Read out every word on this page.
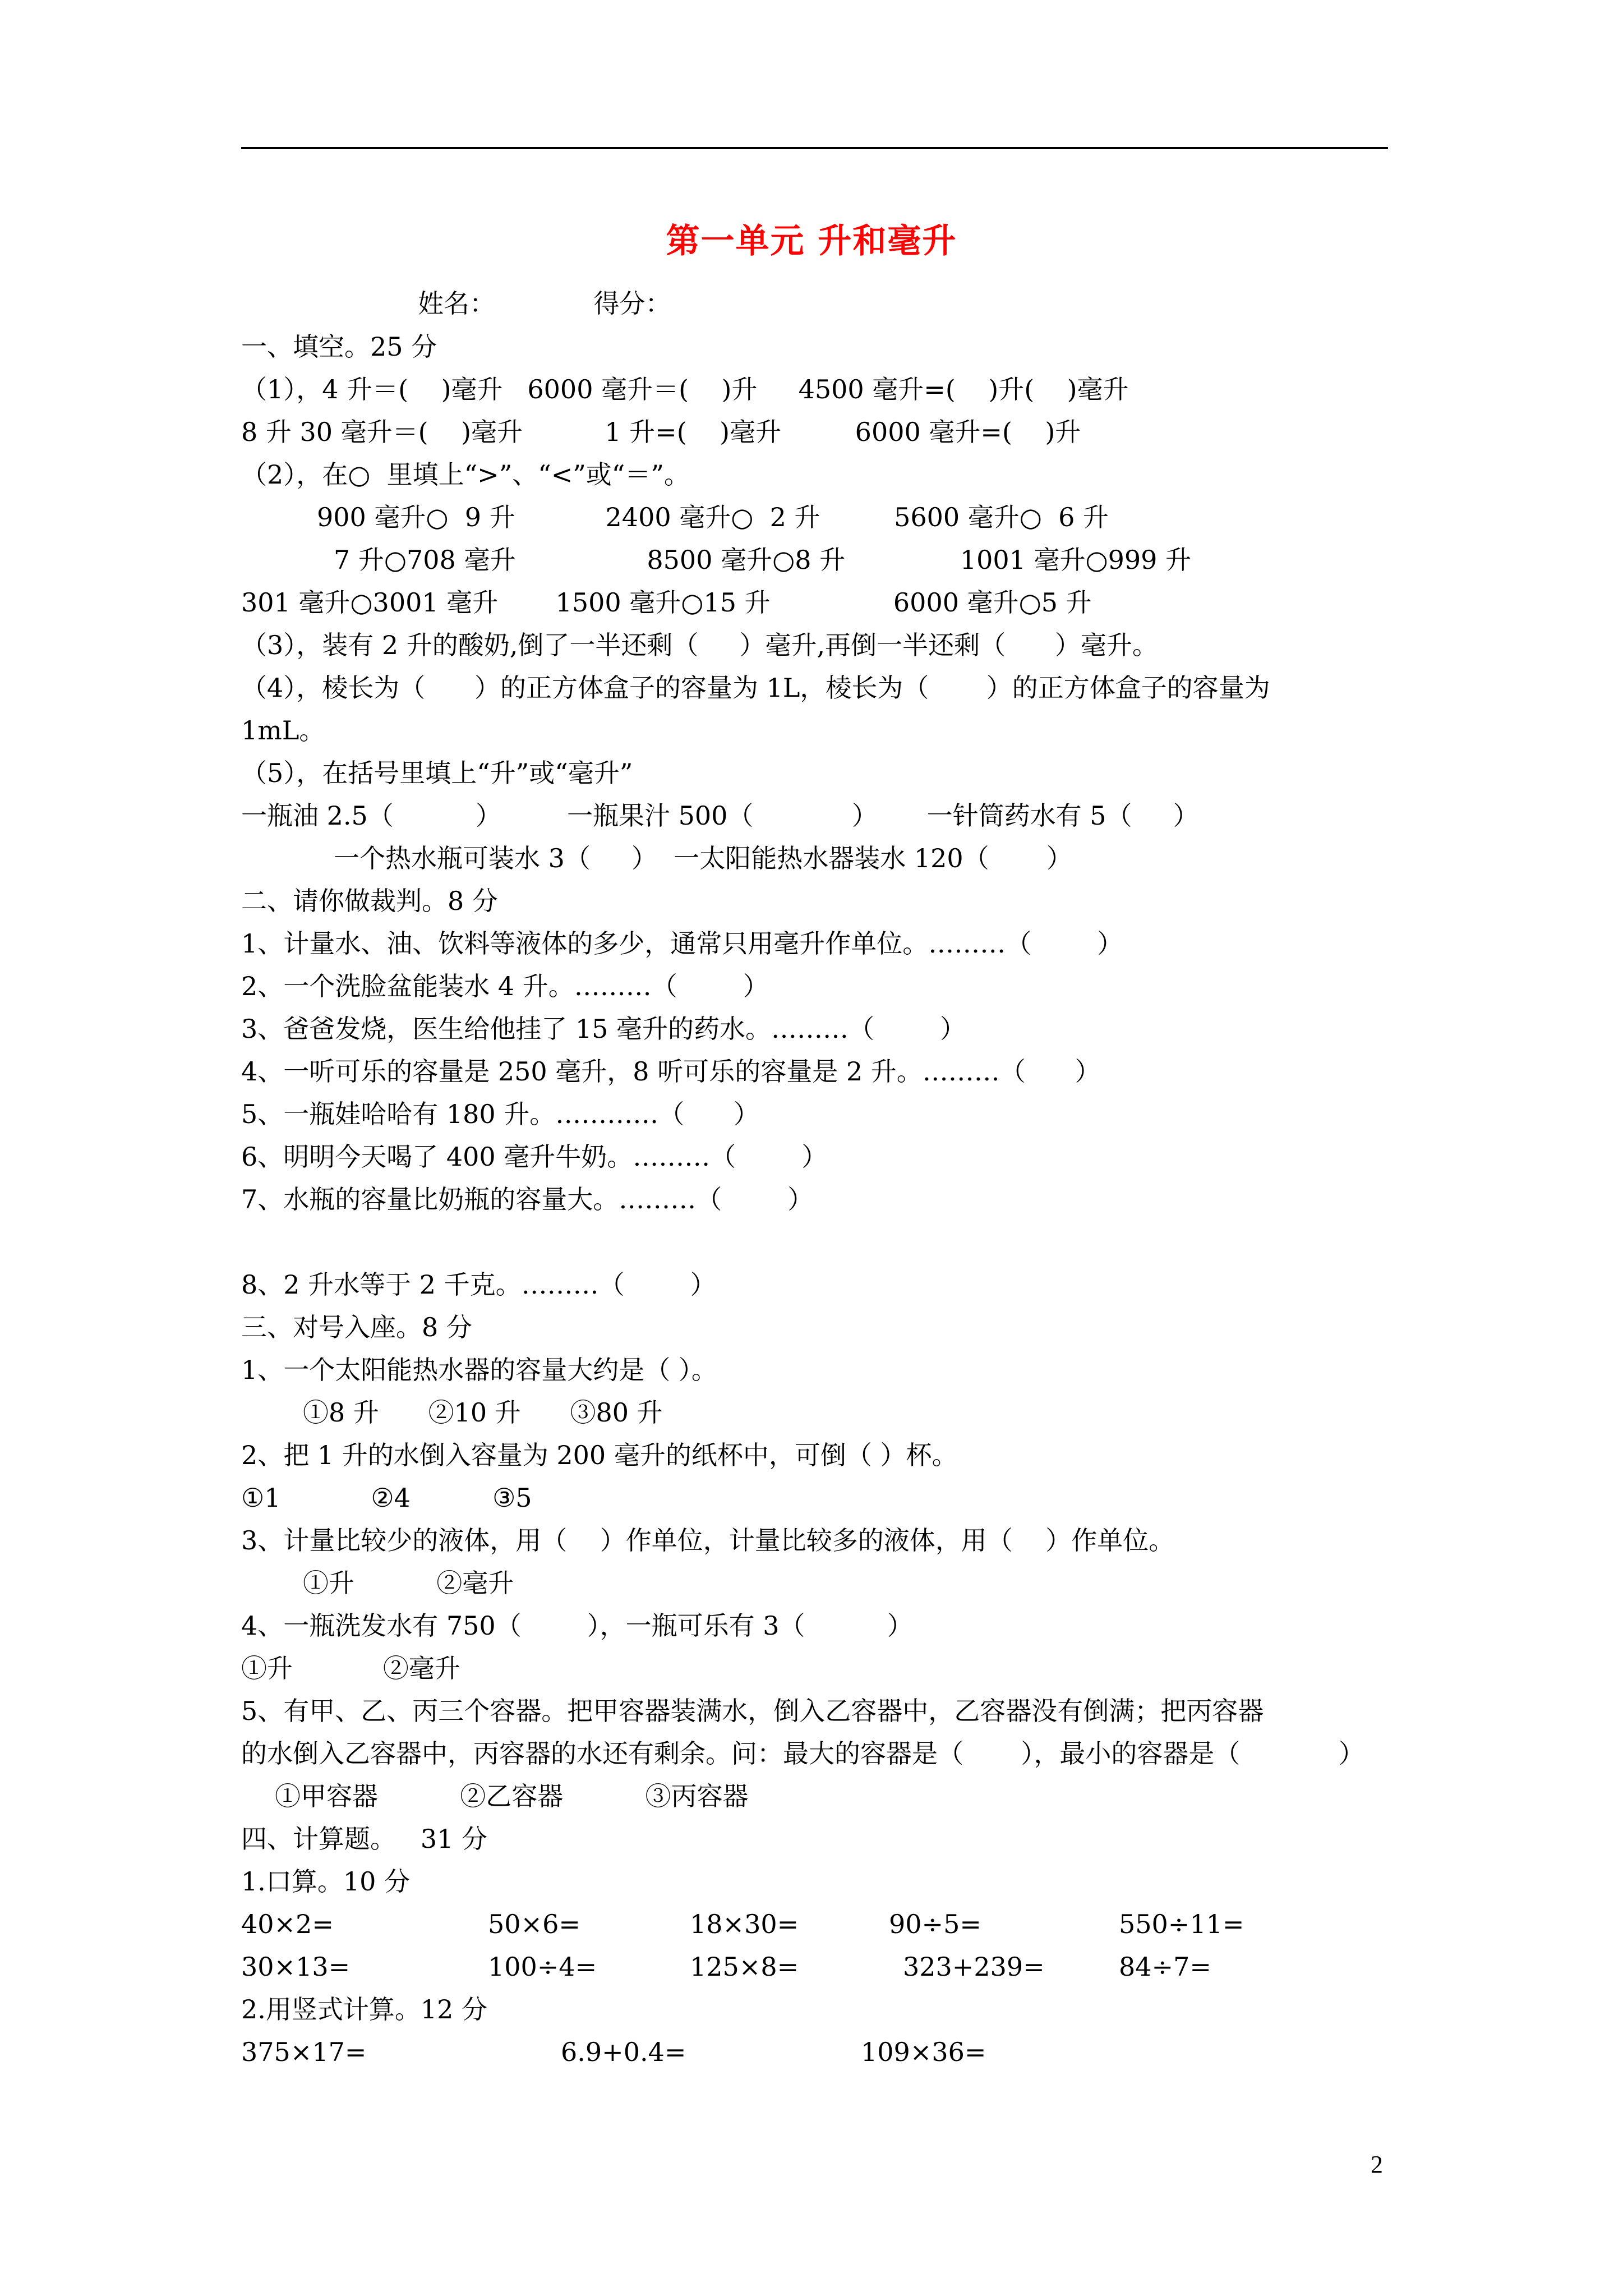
第一单元 升和毫升
姓名：            得分：
一、填空。25 分
（1），4 升＝(    )毫升   6000 毫升＝(    )升     4500 毫升=(    )升(    )毫升
8 升 30 毫升＝(    )毫升          1 升=(    )毫升         6000 毫升=(    )升
（2），在○  里填上“>”、“<”或“＝”。
900 毫升○  9 升           2400 毫升○  2 升         5600 毫升○  6 升
7 升○708 毫升                8500 毫升○8 升              1001 毫升○999 升
301 毫升○3001 毫升       1500 毫升○15 升               6000 毫升○5 升
（3），装有 2 升的酸奶,倒了一半还剩（     ）毫升,再倒一半还剩（      ）毫升。
（4），棱长为（      ）的正方体盒子的容量为 1L，棱长为（       ）的正方体盒子的容量为
1mL。
（5），在括号里填上“升”或“毫升”
一瓶油 2.5（          ）        一瓶果汁 500（            ）      一针筒药水有 5（     ）
一个热水瓶可装水 3（     ）  一太阳能热水器装水 120（       ）
二、请你做裁判。8 分
1、计量水、油、饮料等液体的多少，通常只用毫升作单位。………（        ）
2、一个洗脸盆能装水 4 升。………（        ）
3、爸爸发烧，医生给他挂了 15 毫升的药水。………（        ）
4、一听可乐的容量是 250 毫升，8 听可乐的容量是 2 升。………（      ）
5、一瓶娃哈哈有 180 升。…………（      ）
6、明明今天喝了 400 毫升牛奶。………（        ）
7、水瓶的容量比奶瓶的容量大。………（        ）
8、2 升水等于 2 千克。………（        ）
三、对号入座。8 分
1、一个太阳能热水器的容量大约是（ ）。
①8 升      ②10 升      ③80 升
2、把 1 升的水倒入容量为 200 毫升的纸杯中，可倒（ ）杯。
①1           ②4          ③5
3、计量比较少的液体，用（    ）作单位，计量比较多的液体，用（    ）作单位。
①升          ②毫升
4、一瓶洗发水有 750（        ），一瓶可乐有 3（          ）
①升           ②毫升
5、有甲、乙、丙三个容器。把甲容器装满水，倒入乙容器中，乙容器没有倒满；把丙容器
的水倒入乙容器中，丙容器的水还有剩余。问：最大的容器是（       ），最小的容器是（            ）
①甲容器          ②乙容器          ③丙容器
四、计算题。   31 分
1.口算。10 分
40×2=	50×6=	18×30=	90÷5=	550÷11=
30×13=	100÷4=	125×8=	323+239=	84÷7=
2.用竖式计算。12 分
375×17=	6.9+0.4=	109×36=
2
